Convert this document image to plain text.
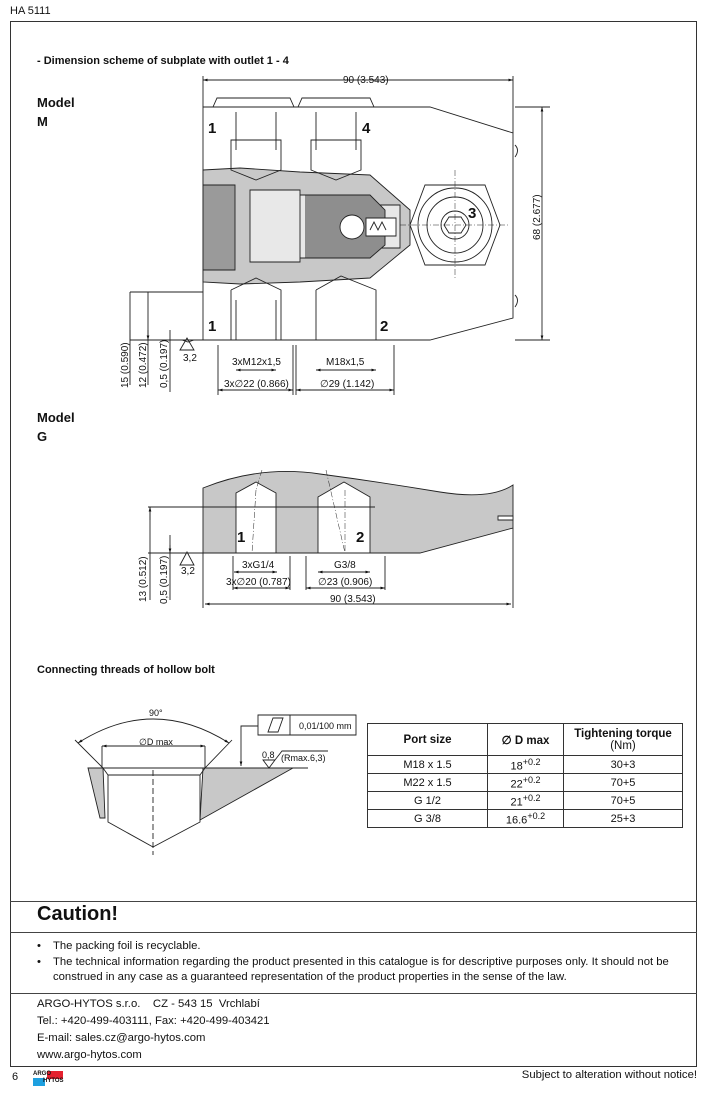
HA 5111
- Dimension scheme of subplate with outlet 1 - 4
Model
M
Model
G
90 (3.543)
1	4
3
1	2
68 (2.677)
15 (0.590) 12 (0.472) 0,5 (0.197) 3,2	3xM12x1,5	M18x1,5
3x∅22 (0.866)	∅29 (1.142)
1	2
13 (0.512) 0,5 (0.197) 3,2
3xG1/4	G3/8
3x∅20 (0.787)	∅23 (0.906)
90 (3.543)
90°
∅D max
0,01/100 mm
0,8 (Rmax.6,3)
Connecting threads of hollow bolt
Port size	∅ D max	Tightening torque
(Nm)
M18 x 1.5	$18^{+0.2}$	30+3
M22 x 1.5	$22^{+0.2}$	70+5
G 1/2	$21^{+0.2}$	70+5
G 3/8	$16.6^{+0.2}$	25+3
Caution!
• The packing foil is recyclable.
• The technical information regarding the product presented in this catalogue is for descriptive purposes only. It should not be construed in any case as a guaranteed representation of the product properties in the sense of the law.
ARGO-HYTOS s.r.o.    CZ - 543 15  Vrchlabí
Tel.: +420-499-403111, Fax: +420-499-403421
E-mail: sales.cz@argo-hytos.com
www.argo-hytos.com
6 ARGO
HYTOS	Subject to alteration without notice!
